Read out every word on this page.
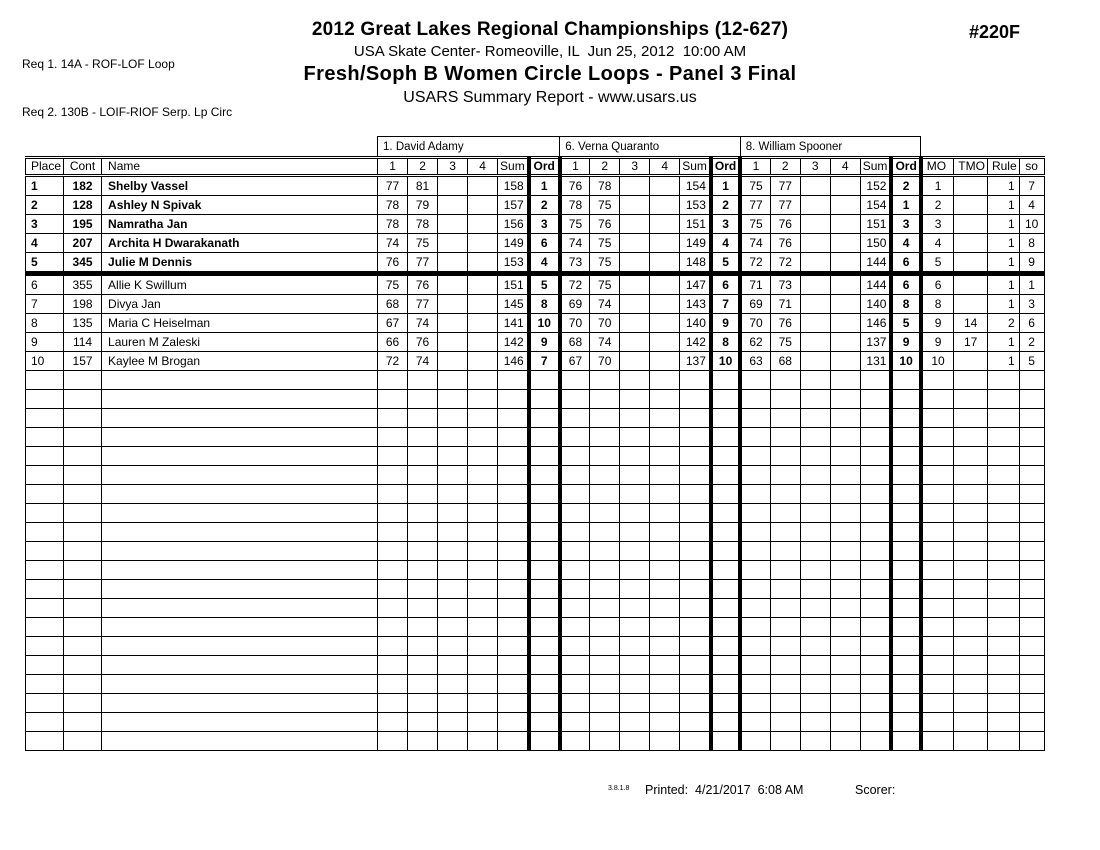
Req 1. 14A - ROF-LOF Loop

Req 2. 130B - LOIF-RIOF Serp. Lp Circ

2012 Great Lakes Regional Championships (12-627)
USA Skate Center- Romeoville, IL  Jun 25, 2012  10:00 AM
Fresh/Soph B Women Circle Loops - Panel 3 Final
USARS Summary Report - www.usars.us
#220F
			1. David Adamy						6. Verna Quaranto						8. William Spooner									
Place	Cont	Name	1	2	3	4	Sum	Ord	1	2	3	4	Sum	Ord	1	2	3	4	Sum	Ord	MO	TMO	Rule	so
1	182	Shelby Vassel	77	81			158	1	76	78			154	1	75	77			152	2	1		1	7
2	128	Ashley N Spivak	78	79			157	2	78	75			153	2	77	77			154	1	2		1	4
3	195	Namratha Jan	78	78			156	3	75	76			151	3	75	76			151	3	3		1	10
4	207	Archita H Dwarakanath	74	75			149	6	74	75			149	4	74	76			150	4	4		1	8
5	345	Julie M Dennis	76	77			153	4	73	75			148	5	72	72			144	6	5		1	9
6	355	Allie K Swillum	75	76			151	5	72	75			147	6	71	73			144	6	6		1	1
7	198	Divya Jan	68	77			145	8	69	74			143	7	69	71			140	8	8		1	3
8	135	Maria C Heiselman	67	74			141	10	70	70			140	9	70	76			146	5	9	14	2	6
9	114	Lauren M Zaleski	66	76			142	9	68	74			142	8	62	75			137	9	9	17	1	2
10	157	Kaylee M Brogan	72	74			146	7	67	70			137	10	63	68			131	10	10		1	5

3.8.1.8 Printed:  4/21/2017  6:08 AM	Scorer:
